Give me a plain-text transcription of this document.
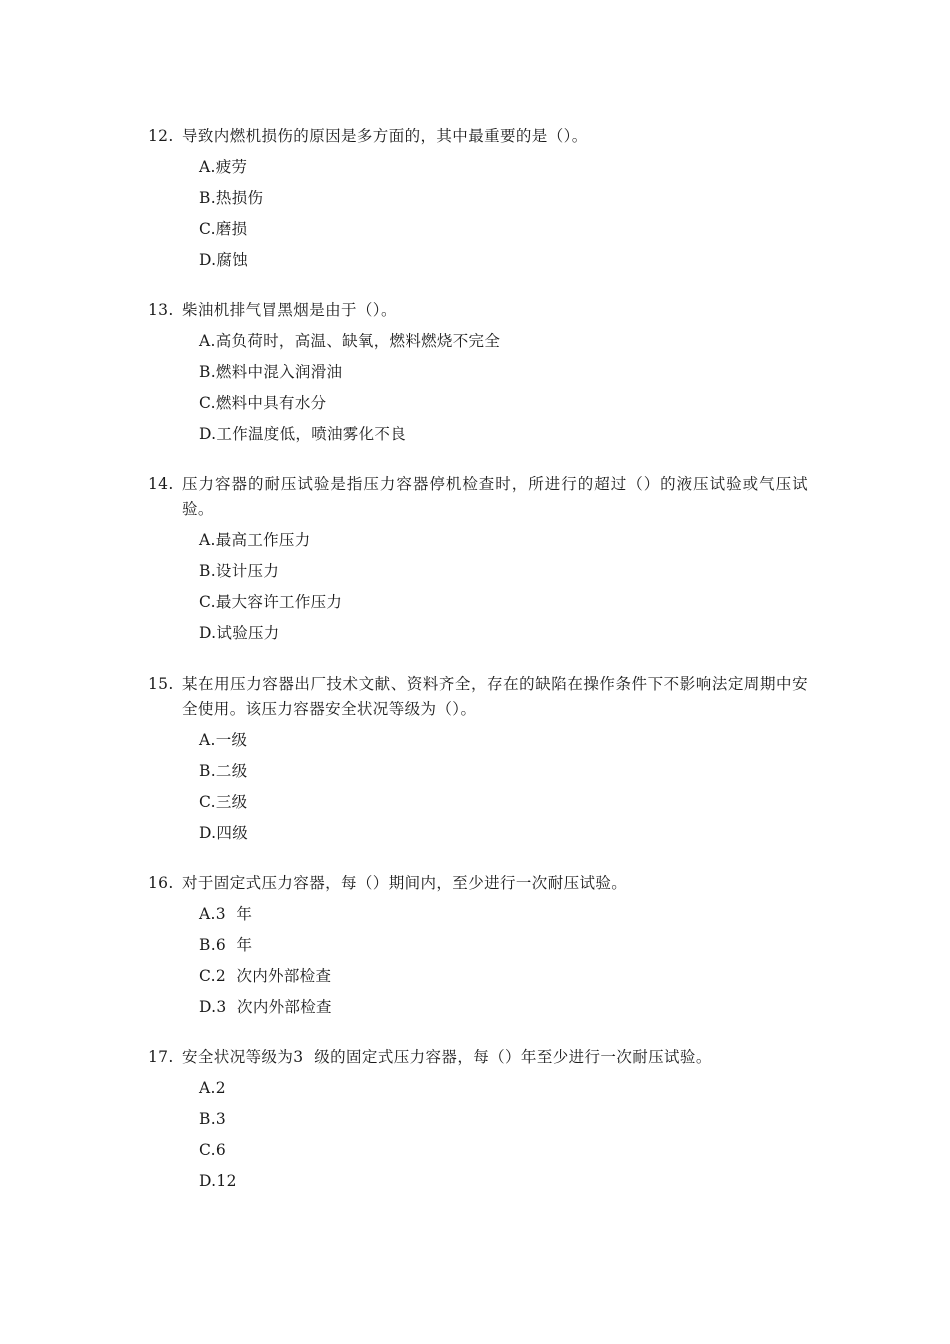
12. 导致内燃机损伤的原因是多方面的，其中最重要的是（）。
A.疲劳
B.热损伤
C.磨损
D.腐蚀
13. 柴油机排气冒黑烟是由于（）。
A.高负荷时，高温、缺氧，燃料燃烧不完全
B.燃料中混入润滑油
C.燃料中具有水分
D.工作温度低，喷油雾化不良
14. 压力容器的耐压试验是指压力容器停机检查时，所进行的超过（）的液压试验或气压试验。
A.最高工作压力
B.设计压力
C.最大容许工作压力
D.试验压力
15. 某在用压力容器出厂技术文献、资料齐全，存在的缺陷在操作条件下不影响法定周期中安全使用。该压力容器安全状况等级为（）。
A.一级
B.二级
C.三级
D.四级
16. 对于固定式压力容器，每（）期间内，至少进行一次耐压试验。
A.3  年
B.6  年
C.2  次内外部检查
D.3  次内外部检查
17. 安全状况等级为3  级的固定式压力容器，每（）年至少进行一次耐压试验。
A.2
B.3
C.6
D.12
